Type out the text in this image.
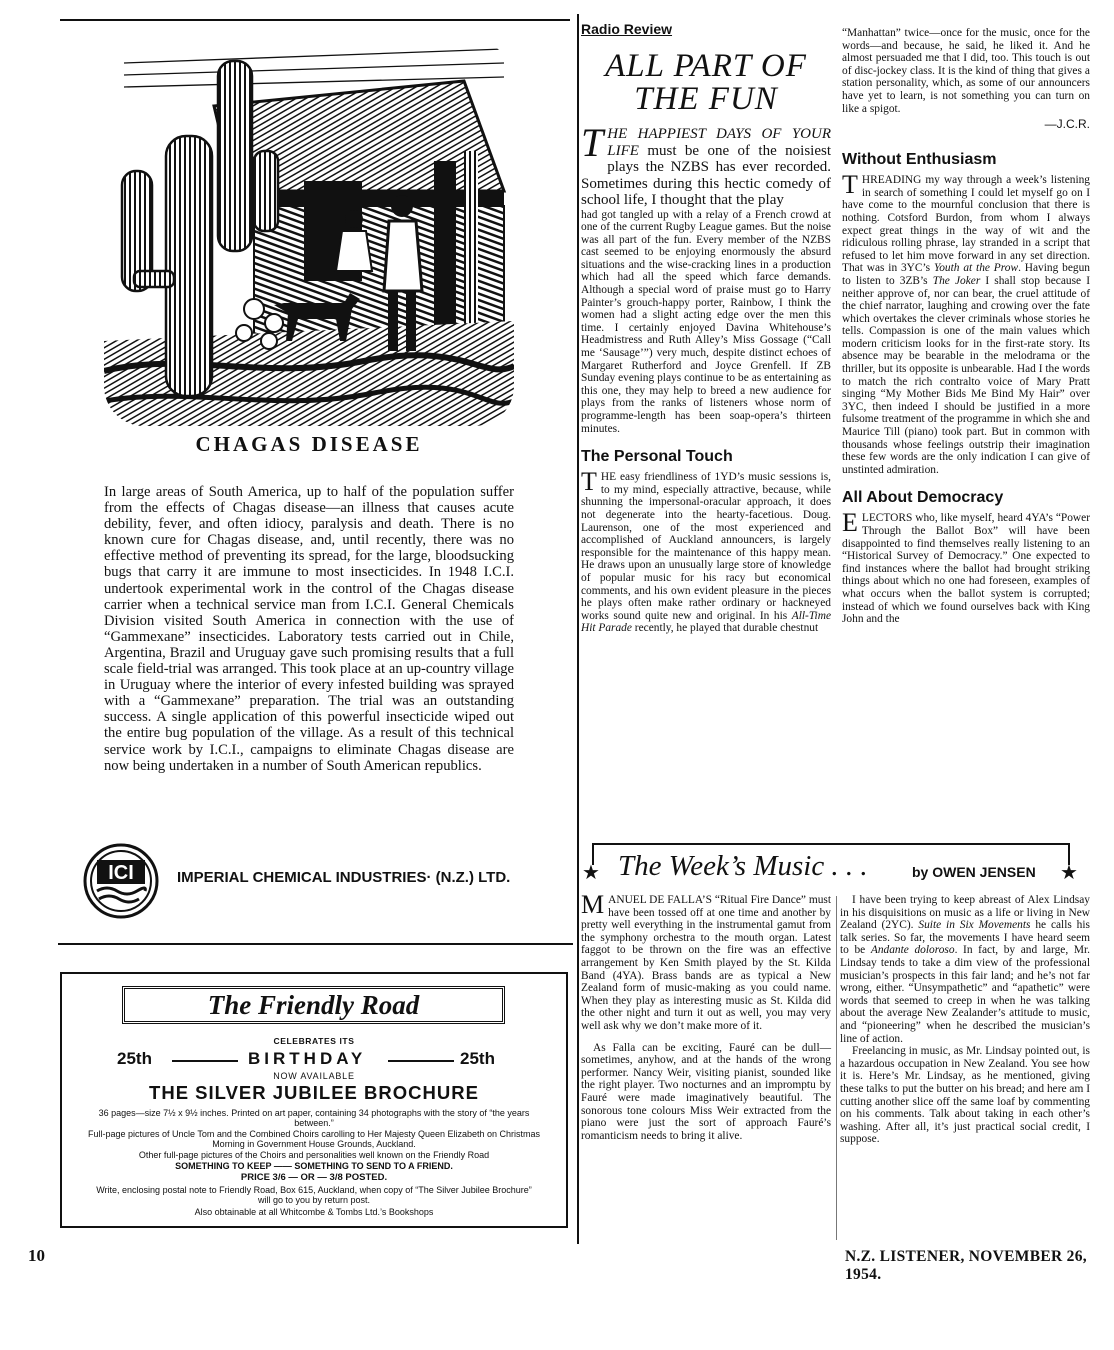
CHAGAS DISEASE
In large areas of South America, up to half of the population suffer from the effects of Chagas disease—an illness that causes acute debility, fever, and often idiocy, paralysis and death. There is no known cure for Chagas disease, and, until recently, there was no effective method of preventing its spread, for the large, bloodsucking bugs that carry it are immune to most insecticides. In 1948 I.C.I. undertook experimental work in the control of the Chagas disease carrier when a technical service man from I.C.I. General Chemicals Division visited South America in connection with the use of “Gammexane” insecticides. Laboratory tests carried out in Chile, Argentina, Brazil and Uruguay gave such promising results that a full scale field-trial was arranged. This took place at an up-country village in Uruguay where the interior of every infested building was sprayed with a “Gammexane” preparation. The trial was an outstanding success. A single application of this powerful insecticide wiped out the entire bug population of the village. As a result of this technical service work by I.C.I., campaigns to eliminate Chagas disease are now being undertaken in a number of South American republics.
ICI	IMPERIAL CHEMICAL INDUSTRIES· (N.Z.) LTD.
The Friendly Road
CELEBRATES ITS
25th	BIRTHDAY	25th
NOW AVAILABLE
THE SILVER JUBILEE BROCHURE
36 pages—size 7½ x 9½ inches. Printed on art paper, containing 34 photographs with the story of “the years between.”
Full-page pictures of Uncle Tom and the Combined Choirs carolling to Her Majesty Queen Elizabeth on Christmas Morning in Government House Grounds, Auckland.
Other full-page pictures of the Choirs and personalities well known on the Friendly Road
SOMETHING TO KEEP —— SOMETHING TO SEND TO A FRIEND.
PRICE 3/6 — OR — 3/8 POSTED.
Write, enclosing postal note to Friendly Road, Box 615, Auckland, when copy of “The Silver Jubilee Brochure” will go to you by return post.
Also obtainable at all Whitcombe & Tombs Ltd.’s Bookshops
Radio Review
ALL PART OF THE FUN
THE HAPPIEST DAYS OF YOUR LIFE must be one of the noisiest plays the NZBS has ever recorded. Sometimes during this hectic comedy of school life, I thought that the play

had got tangled up with a relay of a French crowd at one of the current Rugby League games. But the noise was all part of the fun. Every member of the NZBS cast seemed to be enjoying enormously the absurd situations and the wise-cracking lines in a production which had all the speed which farce demands. Although a special word of praise must go to Harry Painter’s grouch-happy porter, Rainbow, I think the women had a slight acting edge over the men this time. I certainly enjoyed Davina Whitehouse’s Headmistress and Ruth Alley’s Miss Gossage (“Call me ‘Sausage’”) very much, despite distinct echoes of Margaret Rutherford and Joyce Grenfell. If ZB Sunday evening plays continue to be as entertaining as this one, they may help to breed a new audience for plays from the ranks of listeners whose norm of programme-length has been soap-opera’s thirteen minutes.

The Personal Touch

THE easy friendliness of 1YD’s music sessions is, to my mind, especially attractive, because, while shunning the impersonal-oracular approach, it does not degenerate into the hearty-facetious. Doug. Laurenson, one of the most experienced and accomplished of Auckland announcers, is largely responsible for the maintenance of this happy mean. He draws upon an unusually large store of knowledge of popular music for his racy but economical comments, and his own evident pleasure in the pieces he plays often make rather ordinary or hackneyed works sound quite new and original. In his All-Time Hit Parade recently, he played that durable chestnut

“Manhattan” twice—once for the music, once for the words—and because, he said, he liked it. And he almost persuaded me that I did, too. This touch is out of disc-jockey class. It is the kind of thing that gives a station personality, which, as some of our announcers have yet to learn, is not something you can turn on like a spigot.

—J.C.R.
Without Enthusiasm

THREADING my way through a week’s listening in search of something I could let myself go on I have come to the mournful conclusion that there is nothing. Cotsford Burdon, from whom I always expect great things in the way of wit and the ridiculous rolling phrase, lay stranded in a script that refused to let him move forward in any set direction. That was in 3YC’s Youth at the Prow. Having begun to listen to 3ZB’s The Joker I shall stop because I neither approve of, nor can bear, the cruel attitude of the chief narrator, laughing and crowing over the fate which overtakes the clever criminals whose stories he tells. Compassion is one of the main values which modern criticism looks for in the first-rate story. Its absence may be bearable in the melodrama or the thriller, but its opposite is unbearable. Had I the words to match the rich contralto voice of Mary Pratt singing “My Mother Bids Me Bind My Hair” over 3YC, then indeed I should be justified in a more fulsome treatment of the programme in which she and Maurice Till (piano) took part. But in common with thousands whose feelings outstrip their imagination these few words are the only indication I can give of unstinted admiration.

All About Democracy

ELECTORS who, like myself, heard 4YA’s “Power Through the Ballot Box” will have been disappointed to find themselves really listening to an “Historical Survey of Democracy.” One expected to find instances where the ballot had brought striking things about which no one had foreseen, examples of what occurs when the ballot system is corrupted; instead of which we found ourselves back with King John and the

★	★
The Week’s Music . . .	by OWEN JENSEN

MANUEL DE FALLA’S “Ritual Fire Dance” must have been tossed off at one time and another by pretty well everything in the instrumental gamut from the symphony orchestra to the mouth organ. Latest faggot to be thrown on the fire was an effective arrangement by Ken Smith played by the St. Kilda Band (4YA). Brass bands are as typical a New Zealand form of music-making as you could name. When they play as interesting music as St. Kilda did the other night and turn it out as well, you may very well ask why we don’t make more of it.

As Falla can be exciting, Fauré can be dull—sometimes, anyhow, and at the hands of the wrong performer. Nancy Weir, visiting pianist, sounded like the right player. Two nocturnes and an impromptu by Fauré were made imaginatively beautiful. The sonorous tone colours Miss Weir extracted from the piano were just the sort of approach Fauré’s romanticism needs to bring it alive.

I have been trying to keep abreast of Alex Lindsay in his disquisitions on music as a life or living in New Zealand (2YC). Suite in Six Movements he calls his talk series. So far, the movements I have heard seem to be Andante doloroso. In fact, by and large, Mr. Lindsay tends to take a dim view of the professional musician’s prospects in this fair land; and he’s not far wrong, either. “Unsympathetic” and “apathetic” were words that seemed to creep in when he was talking about the average New Zealander’s attitude to music, and “pioneering” when he described the musician’s line of action.

Freelancing in music, as Mr. Lindsay pointed out, is a hazardous occupation in New Zealand. You see how it is. Here’s Mr. Lindsay, as he mentioned, giving these talks to put the butter on his bread; and here am I cutting another slice off the same loaf by commenting on his comments. Talk about taking in each other’s washing. After all, it’s just practical social credit, I suppose.

10	N.Z. LISTENER, NOVEMBER 26, 1954.
